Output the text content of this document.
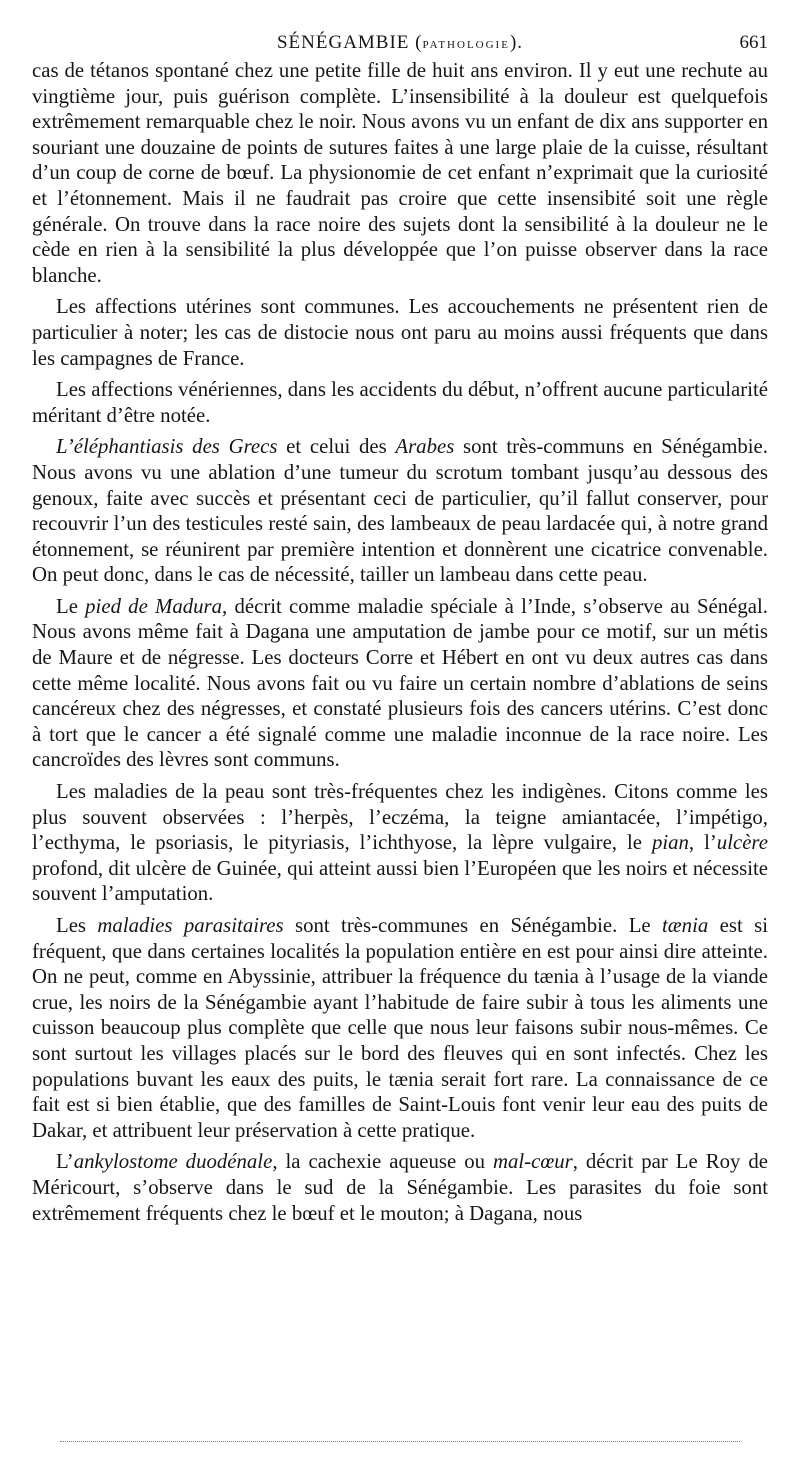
SÉNÉGAMBIE (pathologie).	661

cas de tétanos spontané chez une petite fille de huit ans environ. Il y eut une rechute au vingtième jour, puis guérison complète. L’insensibilité à la douleur est quelquefois extrêmement remarquable chez le noir. Nous avons vu un enfant de dix ans supporter en souriant une douzaine de points de sutures faites à une large plaie de la cuisse, résultant d’un coup de corne de bœuf. La physionomie de cet enfant n’exprimait que la curiosité et l’étonnement. Mais il ne faudrait pas croire que cette insensibité soit une règle générale. On trouve dans la race noire des sujets dont la sensibilité à la douleur ne le cède en rien à la sensibilité la plus développée que l’on puisse observer dans la race blanche.

Les affections utérines sont communes. Les accouchements ne présentent rien de particulier à noter; les cas de distocie nous ont paru au moins aussi fréquents que dans les campagnes de France.

Les affections vénériennes, dans les accidents du début, n’offrent aucune particularité méritant d’être notée.

L’éléphantiasis des Grecs et celui des Arabes sont très-communs en Sénégambie. Nous avons vu une ablation d’une tumeur du scrotum tombant jusqu’au dessous des genoux, faite avec succès et présentant ceci de particulier, qu’il fallut conserver, pour recouvrir l’un des testicules resté sain, des lambeaux de peau lardacée qui, à notre grand étonnement, se réunirent par première intention et donnèrent une cicatrice convenable. On peut donc, dans le cas de nécessité, tailler un lambeau dans cette peau.

Le pied de Madura, décrit comme maladie spéciale à l’Inde, s’observe au Sénégal. Nous avons même fait à Dagana une amputation de jambe pour ce motif, sur un métis de Maure et de négresse. Les docteurs Corre et Hébert en ont vu deux autres cas dans cette même localité. Nous avons fait ou vu faire un certain nombre d’ablations de seins cancéreux chez des négresses, et constaté plusieurs fois des cancers utérins. C’est donc à tort que le cancer a été signalé comme une maladie inconnue de la race noire. Les cancroïdes des lèvres sont communs.

Les maladies de la peau sont très-fréquentes chez les indigènes. Citons comme les plus souvent observées : l’herpès, l’eczéma, la teigne amiantacée, l’impétigo, l’ecthyma, le psoriasis, le pityriasis, l’ichthyose, la lèpre vulgaire, le pian, l’ulcère profond, dit ulcère de Guinée, qui atteint aussi bien l’Européen que les noirs et nécessite souvent l’amputation.

Les maladies parasitaires sont très-communes en Sénégambie. Le tænia est si fréquent, que dans certaines localités la population entière en est pour ainsi dire atteinte. On ne peut, comme en Abyssinie, attribuer la fréquence du tænia à l’usage de la viande crue, les noirs de la Sénégambie ayant l’habitude de faire subir à tous les aliments une cuisson beaucoup plus complète que celle que nous leur faisons subir nous-mêmes. Ce sont surtout les villages placés sur le bord des fleuves qui en sont infectés. Chez les populations buvant les eaux des puits, le tænia serait fort rare. La connaissance de ce fait est si bien établie, que des familles de Saint-Louis font venir leur eau des puits de Dakar, et attribuent leur préservation à cette pratique.

L’ankylostome duodénale, la cachexie aqueuse ou mal-cœur, décrit par Le Roy de Méricourt, s’observe dans le sud de la Sénégambie. Les parasites du foie sont extrêmement fréquents chez le bœuf et le mouton; à Dagana, nous
